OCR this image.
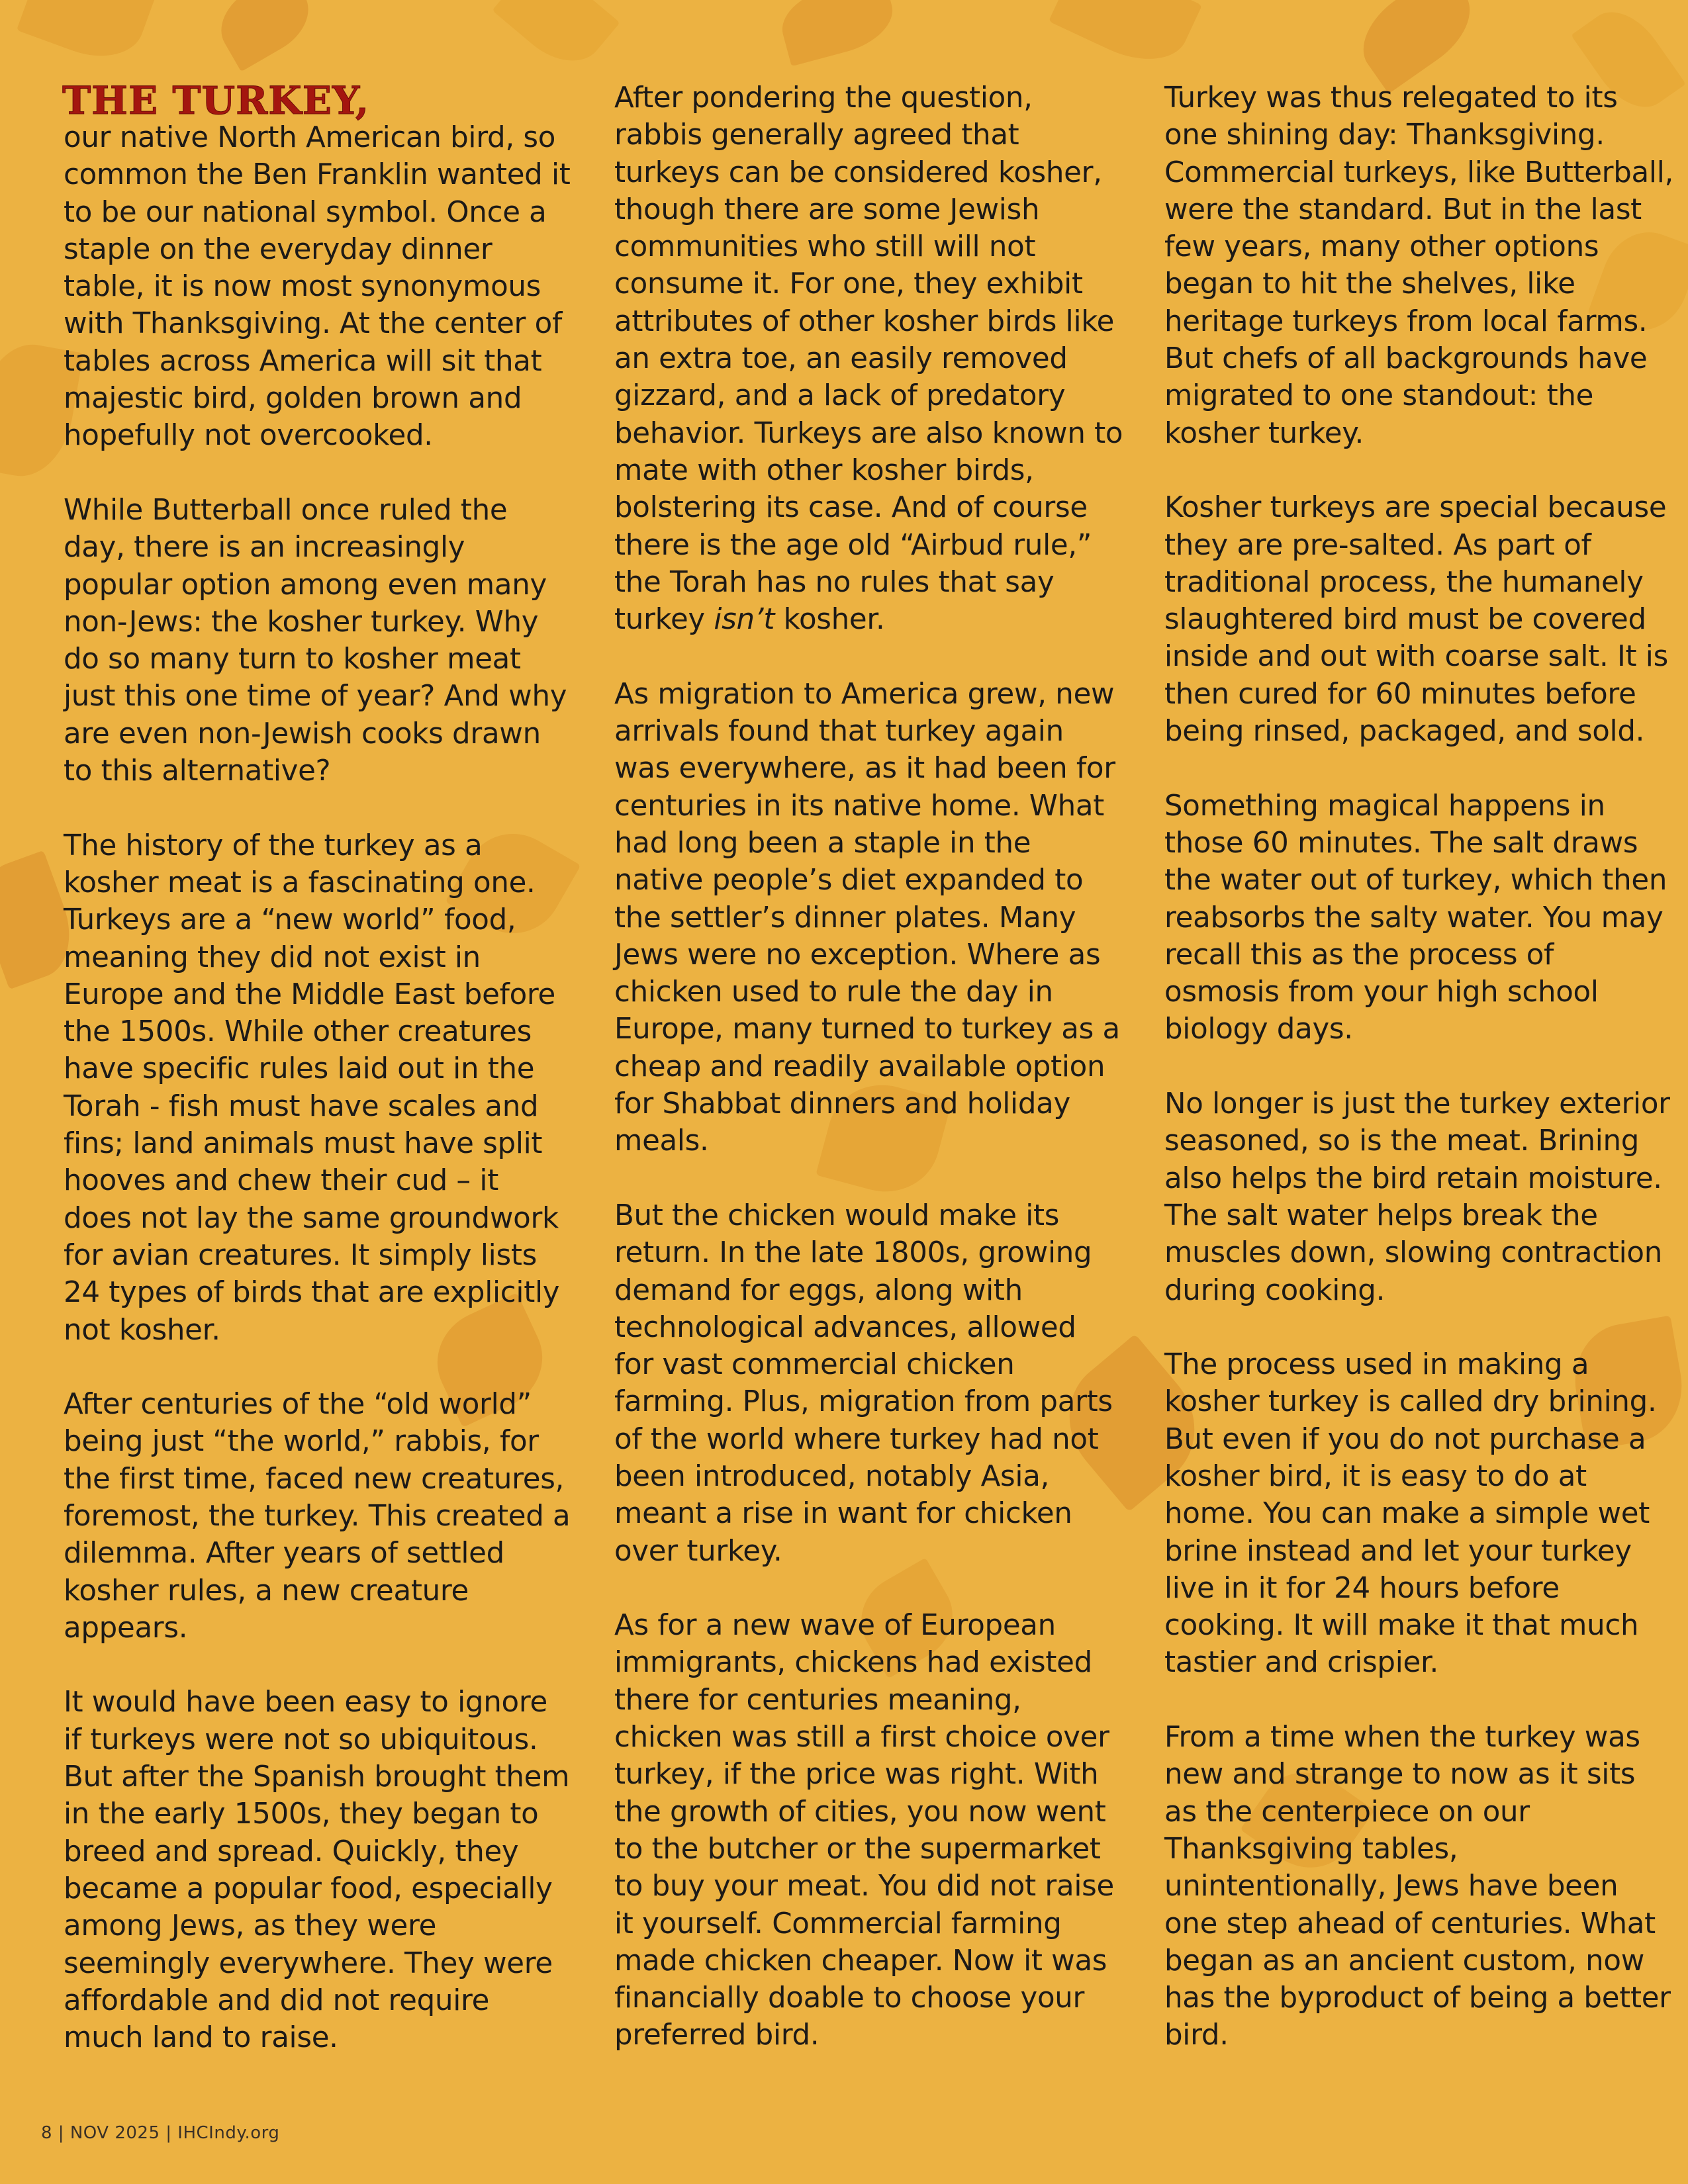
THE TURKEY,

our native North American bird, so common the Ben Franklin wanted it to be our national symbol. Once a staple on the everyday dinner table, it is now most synonymous with Thanksgiving. At the center of tables across America will sit that majestic bird, golden brown and hopefully not overcooked.

While Butterball once ruled the day, there is an increasingly popular option among even many non-Jews: the kosher turkey. Why do so many turn to kosher meat just this one time of year? And why are even non-Jewish cooks drawn to this alternative?

The history of the turkey as a kosher meat is a fascinating one. Turkeys are a “new world” food, meaning they did not exist in Europe and the Middle East before the 1500s. While other creatures have specific rules laid out in the Torah - fish must have scales and fins; land animals must have split hooves and chew their cud – it does not lay the same groundwork for avian creatures. It simply lists 24 types of birds that are explicitly not kosher.

After centuries of the “old world” being just “the world,” rabbis, for the first time, faced new creatures, foremost, the turkey. This created a dilemma. After years of settled kosher rules, a new creature appears.

It would have been easy to ignore if turkeys were not so ubiquitous. But after the Spanish brought them in the early 1500s, they began to breed and spread. Quickly, they became a popular food, especially among Jews, as they were seemingly everywhere. They were affordable and did not require much land to raise.

After pondering the question, rabbis generally agreed that turkeys can be considered kosher, though there are some Jewish communities who still will not consume it. For one, they exhibit attributes of other kosher birds like an extra toe, an easily removed gizzard, and a lack of predatory behavior. Turkeys are also known to mate with other kosher birds, bolstering its case. And of course there is the age old “Airbud rule,” the Torah has no rules that say turkey isn’t kosher.

As migration to America grew, new arrivals found that turkey again was everywhere, as it had been for centuries in its native home. What had long been a staple in the native people’s diet expanded to the settler’s dinner plates. Many Jews were no exception. Where as chicken used to rule the day in Europe, many turned to turkey as a cheap and readily available option for Shabbat dinners and holiday meals.

But the chicken would make its return. In the late 1800s, growing demand for eggs, along with technological advances, allowed for vast commercial chicken farming. Plus, migration from parts of the world where turkey had not been introduced, notably Asia, meant a rise in want for chicken over turkey.

As for a new wave of European immigrants, chickens had existed there for centuries meaning, chicken was still a first choice over turkey, if the price was right. With the growth of cities, you now went to the butcher or the supermarket to buy your meat. You did not raise it yourself. Commercial farming made chicken cheaper. Now it was financially doable to choose your preferred bird.

Turkey was thus relegated to its one shining day: Thanksgiving. Commercial turkeys, like Butterball, were the standard. But in the last few years, many other options began to hit the shelves, like heritage turkeys from local farms. But chefs of all backgrounds have migrated to one standout: the kosher turkey.

Kosher turkeys are special because they are pre-salted. As part of traditional process, the humanely slaughtered bird must be covered inside and out with coarse salt. It is then cured for 60 minutes before being rinsed, packaged, and sold.

Something magical happens in those 60 minutes. The salt draws the water out of turkey, which then reabsorbs the salty water. You may recall this as the process of osmosis from your high school biology days.

No longer is just the turkey exterior seasoned, so is the meat. Brining also helps the bird retain moisture. The salt water helps break the muscles down, slowing contraction during cooking.

The process used in making a kosher turkey is called dry brining. But even if you do not purchase a kosher bird, it is easy to do at home. You can make a simple wet brine instead and let your turkey live in it for 24 hours before cooking. It will make it that much tastier and crispier.

From a time when the turkey was new and strange to now as it sits as the centerpiece on our Thanksgiving tables, unintentionally, Jews have been one step ahead of centuries. What began as an ancient custom, now has the byproduct of being a better bird.

8 | NOV 2025 | IHCIndy.org
